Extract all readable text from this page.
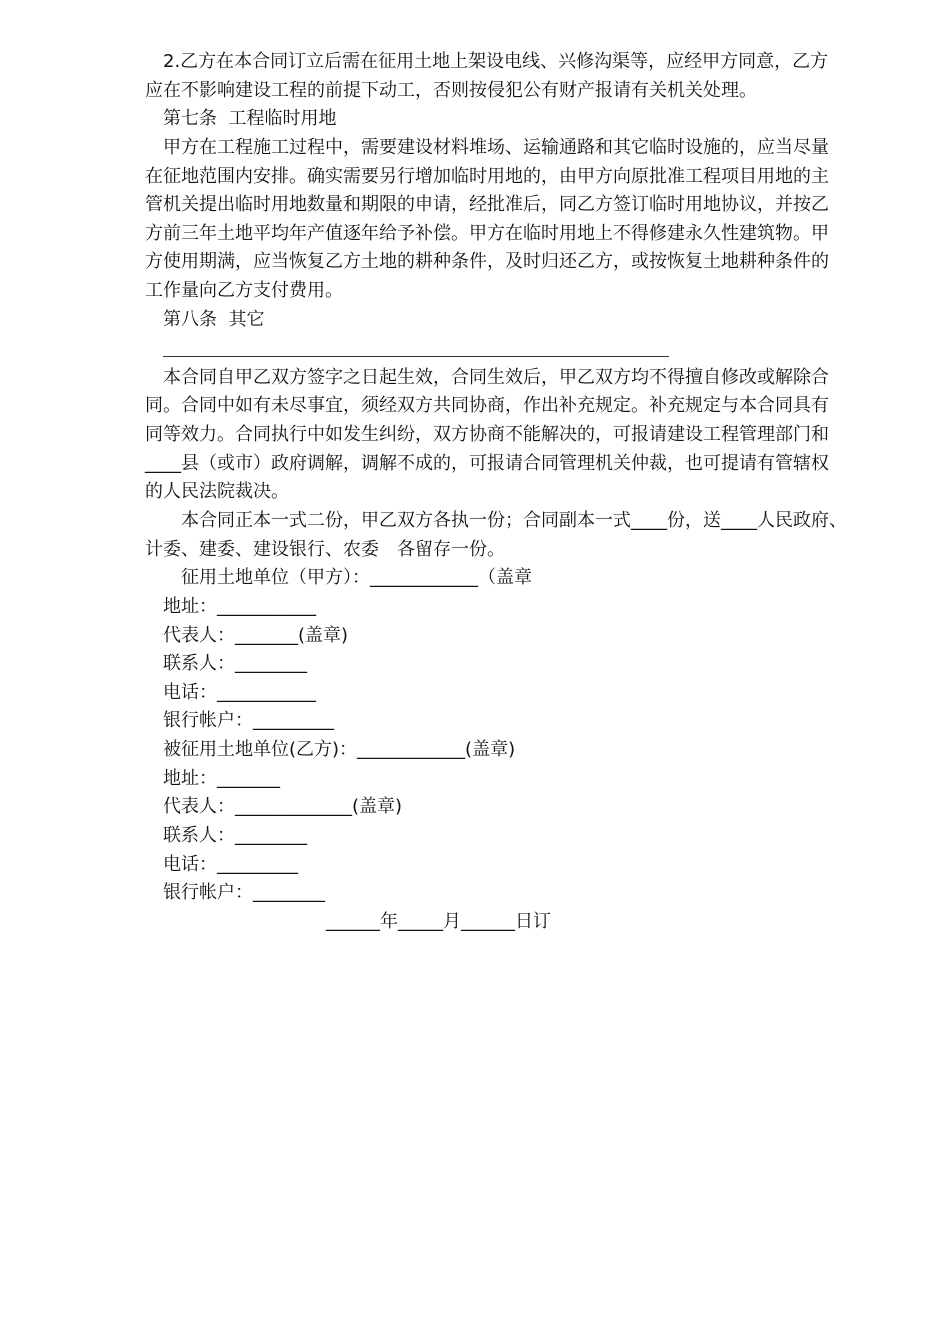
　2.乙方在本合同订立后需在征用土地上架设电线、兴修沟渠等，应经甲方同意，乙方
应在不影响建设工程的前提下动工，否则按侵犯公有财产报请有关机关处理。
　第七条  工程临时用地
　甲方在工程施工过程中，需要建设材料堆场、运输通路和其它临时设施的，应当尽量
在征地范围内安排。确实需要另行增加临时用地的，由甲方向原批准工程项目用地的主
管机关提出临时用地数量和期限的申请，经批准后，同乙方签订临时用地协议，并按乙
方前三年土地平均年产值逐年给予补偿。甲方在临时用地上不得修建永久性建筑物。甲
方使用期满，应当恢复乙方土地的耕种条件，及时归还乙方，或按恢复土地耕种条件的
工作量向乙方支付费用。
　第八条  其它
　本合同自甲乙双方签字之日起生效，合同生效后，甲乙双方均不得擅自修改或解除合
同。合同中如有未尽事宜，须经双方共同协商，作出补充规定。补充规定与本合同具有
同等效力。合同执行中如发生纠纷，双方协商不能解决的，可报请建设工程管理部门和
____县（或市）政府调解，调解不成的，可报请合同管理机关仲裁，也可提请有管辖权
的人民法院裁决。
　　本合同正本一式二份，甲乙双方各执一份；合同副本一式____份，送____人民政府、
计委、建委、建设银行、农委　各留存一份。
　　征用土地单位（甲方）：____________（盖章
　地址：___________
　代表人：_______(盖章)
　联系人：________
　电话：___________
　银行帐户：_________
　被征用土地单位(乙方)：____________(盖章)
　地址：_______
　代表人：_____________(盖章)
　联系人：________
　电话：_________
　银行帐户：________
______年_____月______日订
